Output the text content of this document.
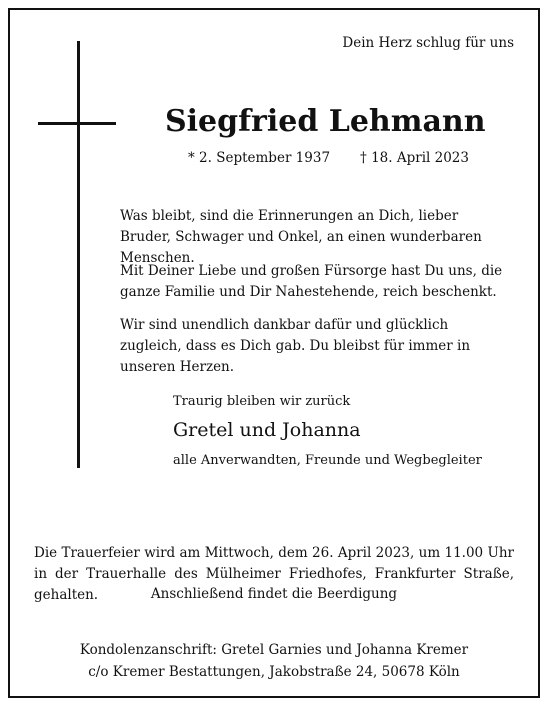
Dein Herz schlug für uns
Siegfried Lehmann
* 2. September 1937 † 18. April 2023
Was bleibt, sind die Erinnerungen an Dich, lieber Bruder, Schwager und Onkel, an einen wunderbaren Menschen.
Mit Deiner Liebe und großen Fürsorge hast Du uns, die ganze Familie und Dir Nahestehende, reich beschenkt.
Wir sind unendlich dankbar dafür und glücklich zugleich, dass es Dich gab. Du bleibst für immer in unseren Herzen.
Traurig bleiben wir zurück
Gretel und Johanna
alle Anverwandten, Freunde und Wegbegleiter
Die Trauerfeier wird am Mittwoch, dem 26. April 2023, um 11.00 Uhr
in der Trauerhalle des Mülheimer Friedhofes, Frankfurter Straße, gehalten.	Anschließend findet die Beerdigung
Kondolenzanschrift: Gretel Garnies und Johanna Kremer
c/o Kremer Bestattungen, Jakobstraße 24, 50678 Köln
